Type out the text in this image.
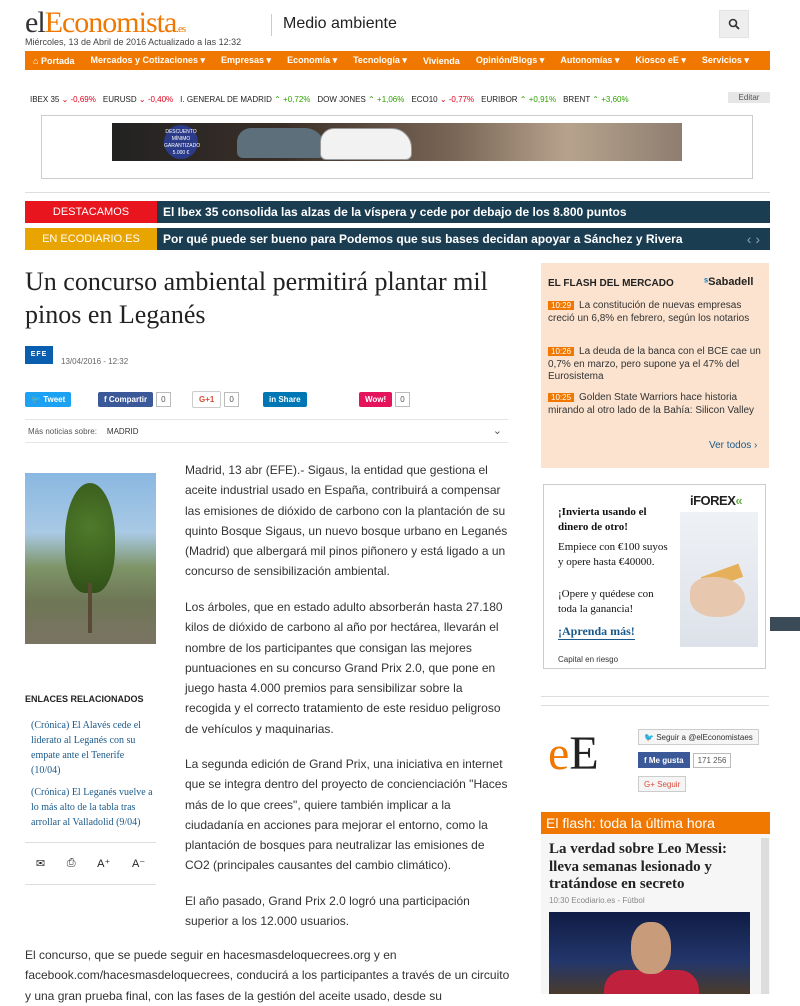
elEconomista.es
Miércoles, 13 de Abril de 2016 Actualizado a las 12:32
Medio ambiente
⌂ Portada	Mercados y Cotizaciones ▾	Empresas ▾	Economía ▾	Tecnología ▾	Vivienda	Opinión/Blogs ▾	Autonomías ▾	Kiosco eE ▾	Servicios ▾
IBEX 35 ⌄ -0,69% EURUSD ⌄ -0,40% I. GENERAL DE MADRID ⌃ +0,72% DOW JONES ⌃ +1,06% ECO10 ⌄ -0,77% EURIBOR ⌃ +0,91% BRENT ⌃ +3,60%	Editar
DESCUENTO MÍNIMO GARANTIZADO 5.000 €
DESTACAMOS	El Ibex 35 consolida las alzas de la víspera y cede por debajo de los 8.800 puntos
EN ECODIARIO.ES	Por qué puede ser bueno para Podemos que sus bases decidan apoyar a Sánchez y Rivera	‹ ›
Un concurso ambiental permitirá plantar mil pinos en Leganés
EFE
13/04/2016 - 12:32
🐦 Tweet	f Compartir	0	G+1	0	in Share	Wow!	0
Más noticias sobre: MADRID	⌄
ENLACES RELACIONADOS
(Crónica) El Alavés cede el liderato al Leganés con su empate ante el Tenerife (10/04)
(Crónica) El Leganés vuelve a lo más alto de la tabla tras arrollar al Valladolid (9/04)
✉ ⎙ A⁺ A⁻
Madrid, 13 abr (EFE).- Sigaus, la entidad que gestiona el aceite industrial usado en España, contribuirá a compensar las emisiones de dióxido de carbono con la plantación de su quinto Bosque Sigaus, un nuevo bosque urbano en Leganés (Madrid) que albergará mil pinos piñonero y está ligado a un concurso de sensibilización ambiental.
Los árboles, que en estado adulto absorberán hasta 27.180 kilos de dióxido de carbono al año por hectárea, llevarán el nombre de los participantes que consigan las mejores puntuaciones en su concurso Grand Prix 2.0, que pone en juego hasta 4.000 premios para sensibilizar sobre la recogida y el correcto tratamiento de este residuo peligroso de vehículos y maquinarias.
La segunda edición de Grand Prix, una iniciativa en internet que se integra dentro del proyecto de concienciación "Haces más de lo que crees", quiere también implicar a la ciudadanía en acciones para mejorar el entorno, como la plantación de bosques para neutralizar las emisiones de CO2 (principales causantes del cambio climático).
El año pasado, Grand Prix 2.0 logró una participación superior a los 12.000 usuarios.
El concurso, que se puede seguir en hacesmasdeloquecrees.org y en facebook.com/hacesmasdeloquecrees, conducirá a los participantes a través de un circuito y una gran prueba final, con las fases de la gestión del aceite usado, desde su
EL FLASH DEL MERCADO	ˢSabadell
10:29 La constitución de nuevas empresas creció un 6,8% en febrero, según los notarios
10:26 La deuda de la banca con el BCE cae un 0,7% en marzo, pero supone ya el 47% del Eurosistema
10:25 Golden State Warriors hace historia mirando al otro lado de la Bahía: Silicon Valley
Ver todos ›
iFOREX«
¡Invierta usando el dinero de otro!
Empiece con €100 suyos y opere hasta €40000.
¡Opere y quédese con toda la ganancia!
¡Aprenda más!
Capital en riesgo
eE	🐦 Seguir a @elEconomistaes
f Me gusta	171 256
G+ Seguir
El flash: toda la última hora
La verdad sobre Leo Messi: lleva semanas lesionado y tratándose en secreto
10:30 Ecodiario.es - Fútbol
